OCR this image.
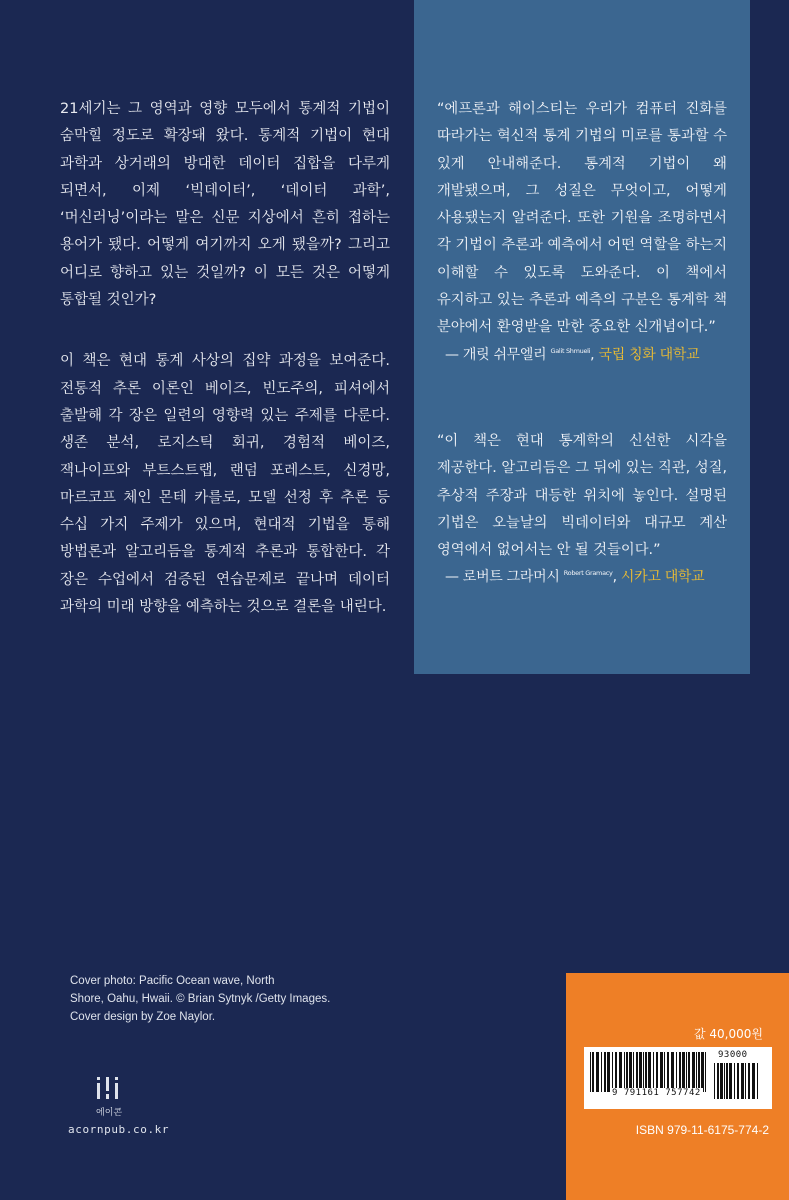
21세기는 그 영역과 영향 모두에서 통계적 기법이 숨막힐 정도로 확장돼 왔다. 통계적 기법이 현대 과학과 상거래의 방대한 데이터 집합을 다루게 되면서, 이제 ‘빅데이터’, ‘데이터 과학’, ‘머신러닝’이라는 말은 신문 지상에서 흔히 접하는 용어가 됐다. 어떻게 여기까지 오게 됐을까? 그리고 어디로 향하고 있는 것일까? 이 모든 것은 어떻게 통합될 것인가?

이 책은 현대 통계 사상의 집약 과정을 보여준다. 전통적 추론 이론인 베이즈, 빈도주의, 피셔에서 출발해 각 장은 일련의 영향력 있는 주제를 다룬다. 생존 분석, 로지스틱 회귀, 경험적 베이즈, 잭나이프와 부트스트랩, 랜덤 포레스트, 신경망, 마르코프 체인 몬테 카를로, 모델 선정 후 추론 등 수십 가지 주제가 있으며, 현대적 기법을 통해 방법론과 알고리듬을 통계적 추론과 통합한다. 각 장은 수업에서 검증된 연습문제로 끝나며 데이터 과학의 미래 방향을 예측하는 것으로 결론을 내린다.

“에프론과 해이스티는 우리가 컴퓨터 진화를 따라가는 혁신적 통계 기법의 미로를 통과할 수 있게 안내해준다. 통계적 기법이 왜 개발됐으며, 그 성질은 무엇이고, 어떻게 사용됐는지 알려준다. 또한 기원을 조명하면서 각 기법이 추론과 예측에서 어떤 역할을 하는지 이해할 수 있도록 도와준다. 이 책에서 유지하고 있는 추론과 예측의 구분은 통계학 책 분야에서 환영받을 만한 중요한 신개념이다.”

— 개릿 쉬무엘리 $^{Galit Shmueli}$, 국립 칭화 대학교

“이 책은 현대 통계학의 신선한 시각을 제공한다. 알고리듬은 그 뒤에 있는 직관, 성질, 추상적 주장과 대등한 위치에 놓인다. 설명된 기법은 오늘날의 빅데이터와 대규모 계산 영역에서 없어서는 안 될 것들이다.”

— 로버트 그라머시 $^{Robert Gramacy}$, 시카고 대학교
Cover photo: Pacific Ocean wave, North
Shore, Oahu, Hwaii. © Brian Sytnyk /Getty Images.
Cover design by Zoe Naylor.
에이콘
acornpub.co.kr
값 40,000원
93000
9 791161 757742
ISBN 979-11-6175-774-2
